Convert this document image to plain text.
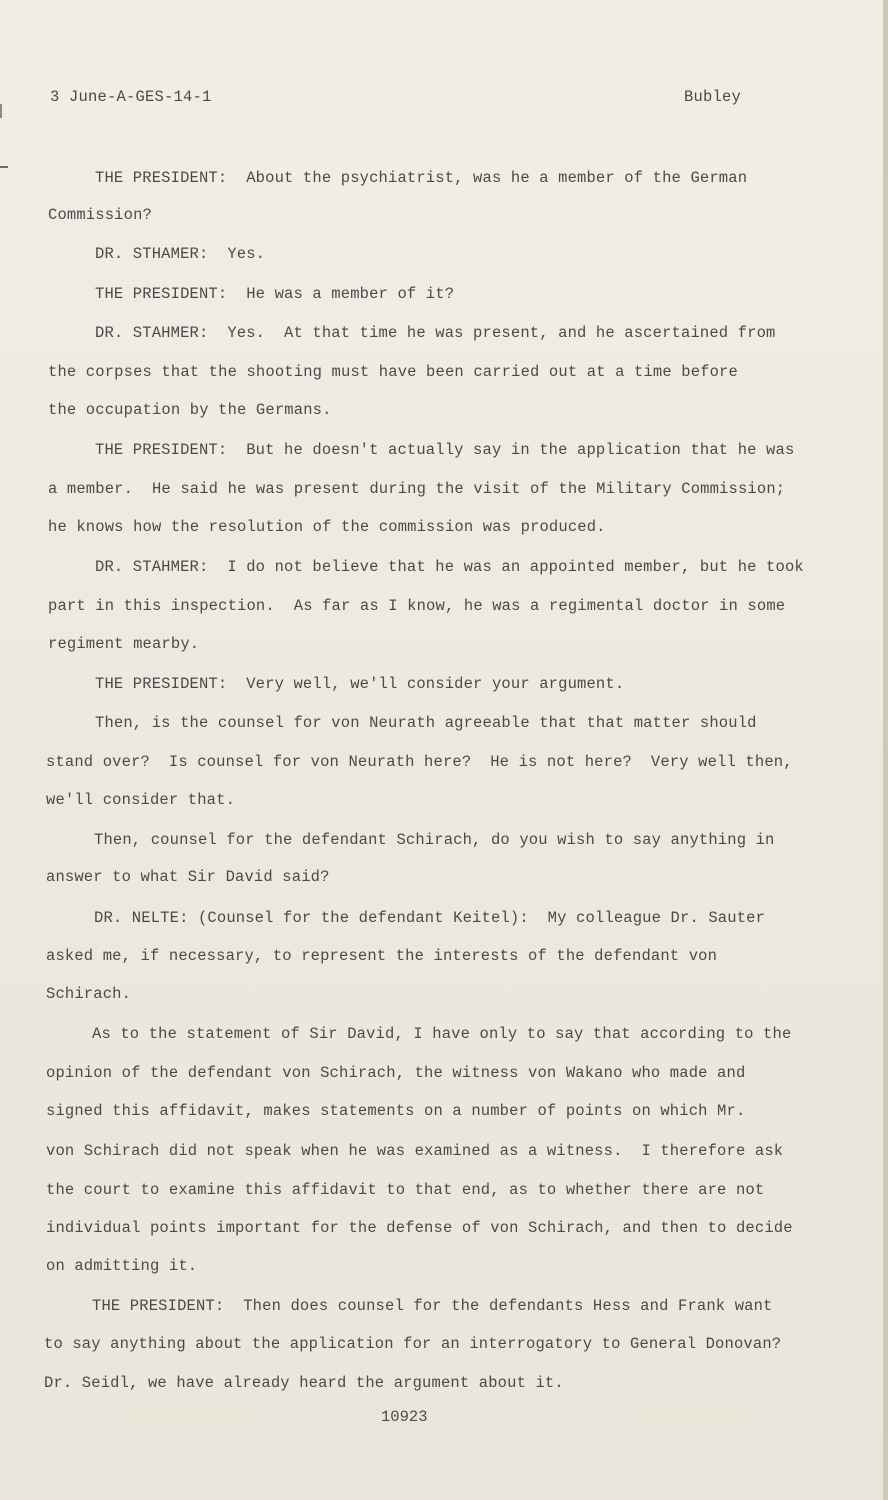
3 June-A-GES-14-1	Bubley
THE PRESIDENT:  About the psychiatrist, was he a member of the German
Commission?
DR. STHAMER:  Yes.
THE PRESIDENT:  He was a member of it?
DR. STAHMER:  Yes.  At that time he was present, and he ascertained from
the corpses that the shooting must have been carried out at a time before
the occupation by the Germans.
THE PRESIDENT:  But he doesn't actually say in the application that he was
a member.  He said he was present during the visit of the Military Commission;
he knows how the resolution of the commission was produced.
DR. STAHMER:  I do not believe that he was an appointed member, but he took
part in this inspection.  As far as I know, he was a regimental doctor in some
regiment mearby.
THE PRESIDENT:  Very well, we'll consider your argument.
Then, is the counsel for von Neurath agreeable that that matter should
stand over?  Is counsel for von Neurath here?  He is not here?  Very well then,
we'll consider that.
Then, counsel for the defendant Schirach, do you wish to say anything in
answer to what Sir David said?
DR. NELTE: (Counsel for the defendant Keitel):  My colleague Dr. Sauter
asked me, if necessary, to represent the interests of the defendant von
Schirach.
As to the statement of Sir David, I have only to say that according to the
opinion of the defendant von Schirach, the witness von Wakano who made and
signed this affidavit, makes statements on a number of points on which Mr.
von Schirach did not speak when he was examined as a witness.  I therefore ask
the court to examine this affidavit to that end, as to whether there are not
individual points important for the defense of von Schirach, and then to decide
on admitting it.
THE PRESIDENT:  Then does counsel for the defendants Hess and Frank want
to say anything about the application for an interrogatory to General Donovan?
Dr. Seidl, we have already heard the argument about it.
10923
